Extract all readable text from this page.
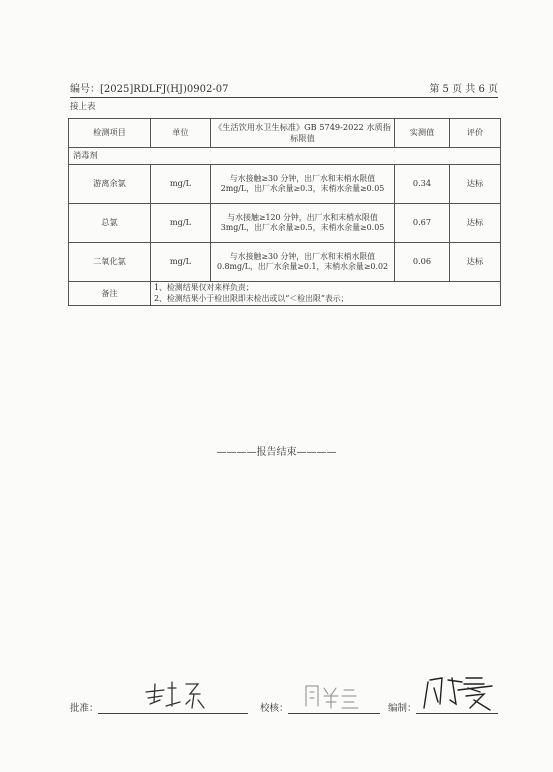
编号：[2025]RDLFJ(HJ)0902-07	第 5 页 共 6 页
接上表
检测项目	单位	《生活饮用水卫生标准》GB 5749-2022 水质指标限值	实测值	评价
消毒剂				
游离余氯	mg/L	与水接触≥30 分钟，出厂水和末梢水限值 2mg/L，出厂水余量≥0.3，末梢水余量≥0.05	0.34	达标
总氯	mg/L	与水接触≥120 分钟，出厂水和末梢水限值 3mg/L，出厂水余量≥0.5，末梢水余量≥0.05	0.67	达标
二氧化氯	mg/L	与水接触≥30 分钟，出厂水和末梢水限值 0.8mg/L，出厂水余量≥0.1，末梢水余量≥0.02	0.06	达标
备注	1、检测结果仅对来样负责；
2、检测结果小于检出限即未检出或以“＜检出限”表示；			
————报告结束————
批准：	校核：	编制：
